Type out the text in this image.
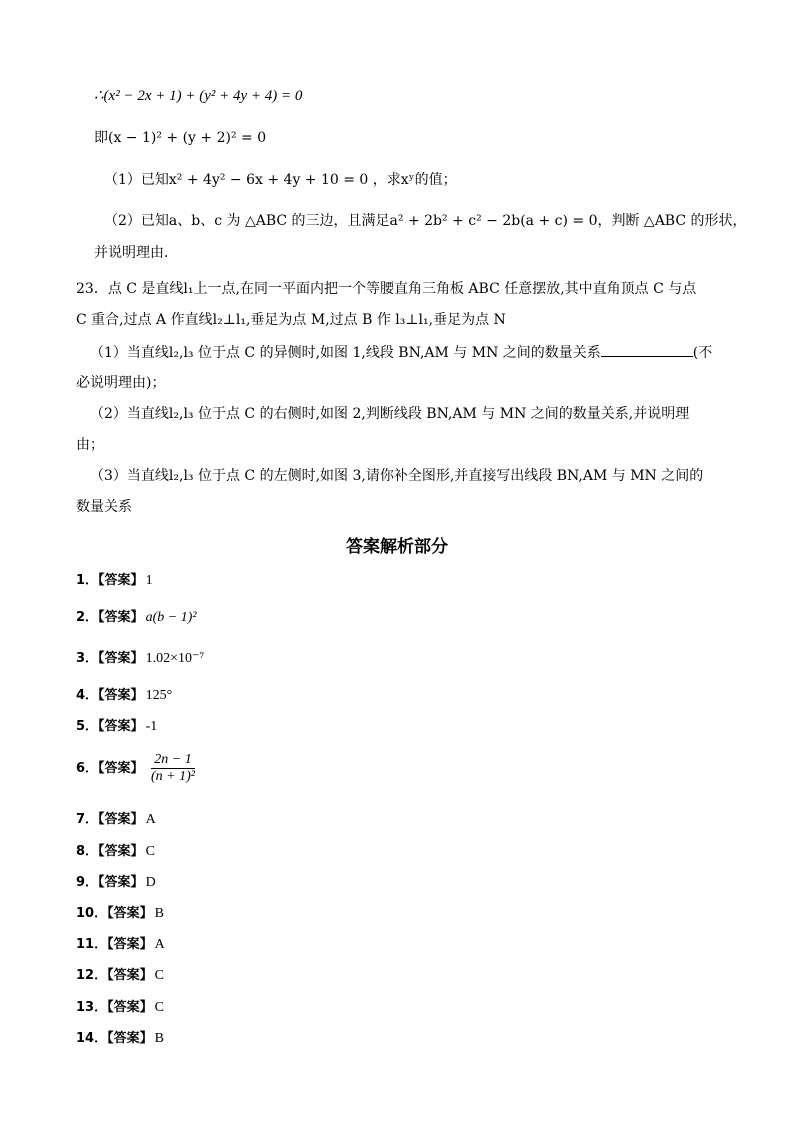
∴(x² − 2x + 1) + (y² + 4y + 4) = 0
即(x − 1)² + (y + 2)² = 0
（1）已知x² + 4y² − 6x + 4y + 10 = 0 ，求xʸ的值；
（2）已知a、b、c 为 △ABC 的三边，且满足a² + 2b² + c² − 2b(a + c) = 0，判断 △ABC 的形状，
并说明理由．
23．点 C 是直线l₁上一点,在同一平面内把一个等腰直角三角板 ABC 任意摆放,其中直角顶点 C 与点
C 重合,过点 A 作直线l₂⊥l₁,垂足为点 M,过点 B 作 l₃⊥l₁,垂足为点 N
（1）当直线l₂,l₃ 位于点 C 的异侧时,如图 1,线段 BN,AM 与 MN 之间的数量关系	(不
必说明理由)；
（2）当直线l₂,l₃ 位于点 C 的右侧时,如图 2,判断线段 BN,AM 与 MN 之间的数量关系,并说明理
由；
（3）当直线l₂,l₃ 位于点 C 的左侧时,如图 3,请你补全图形,并直接写出线段 BN,AM 与 MN 之间的
数量关系
答案解析部分
1．【答案】 1
2．【答案】 a(b − 1)²
3．【答案】 1.02×10⁻⁷
4．【答案】 125°
5．【答案】 -1
6．【答案】 $\frac{2n - 1}{\text{(n + 1)²}}$
7．【答案】 A
8．【答案】 C
9．【答案】 D
10．【答案】 B
11．【答案】 A
12．【答案】 C
13．【答案】 C
14．【答案】 B
